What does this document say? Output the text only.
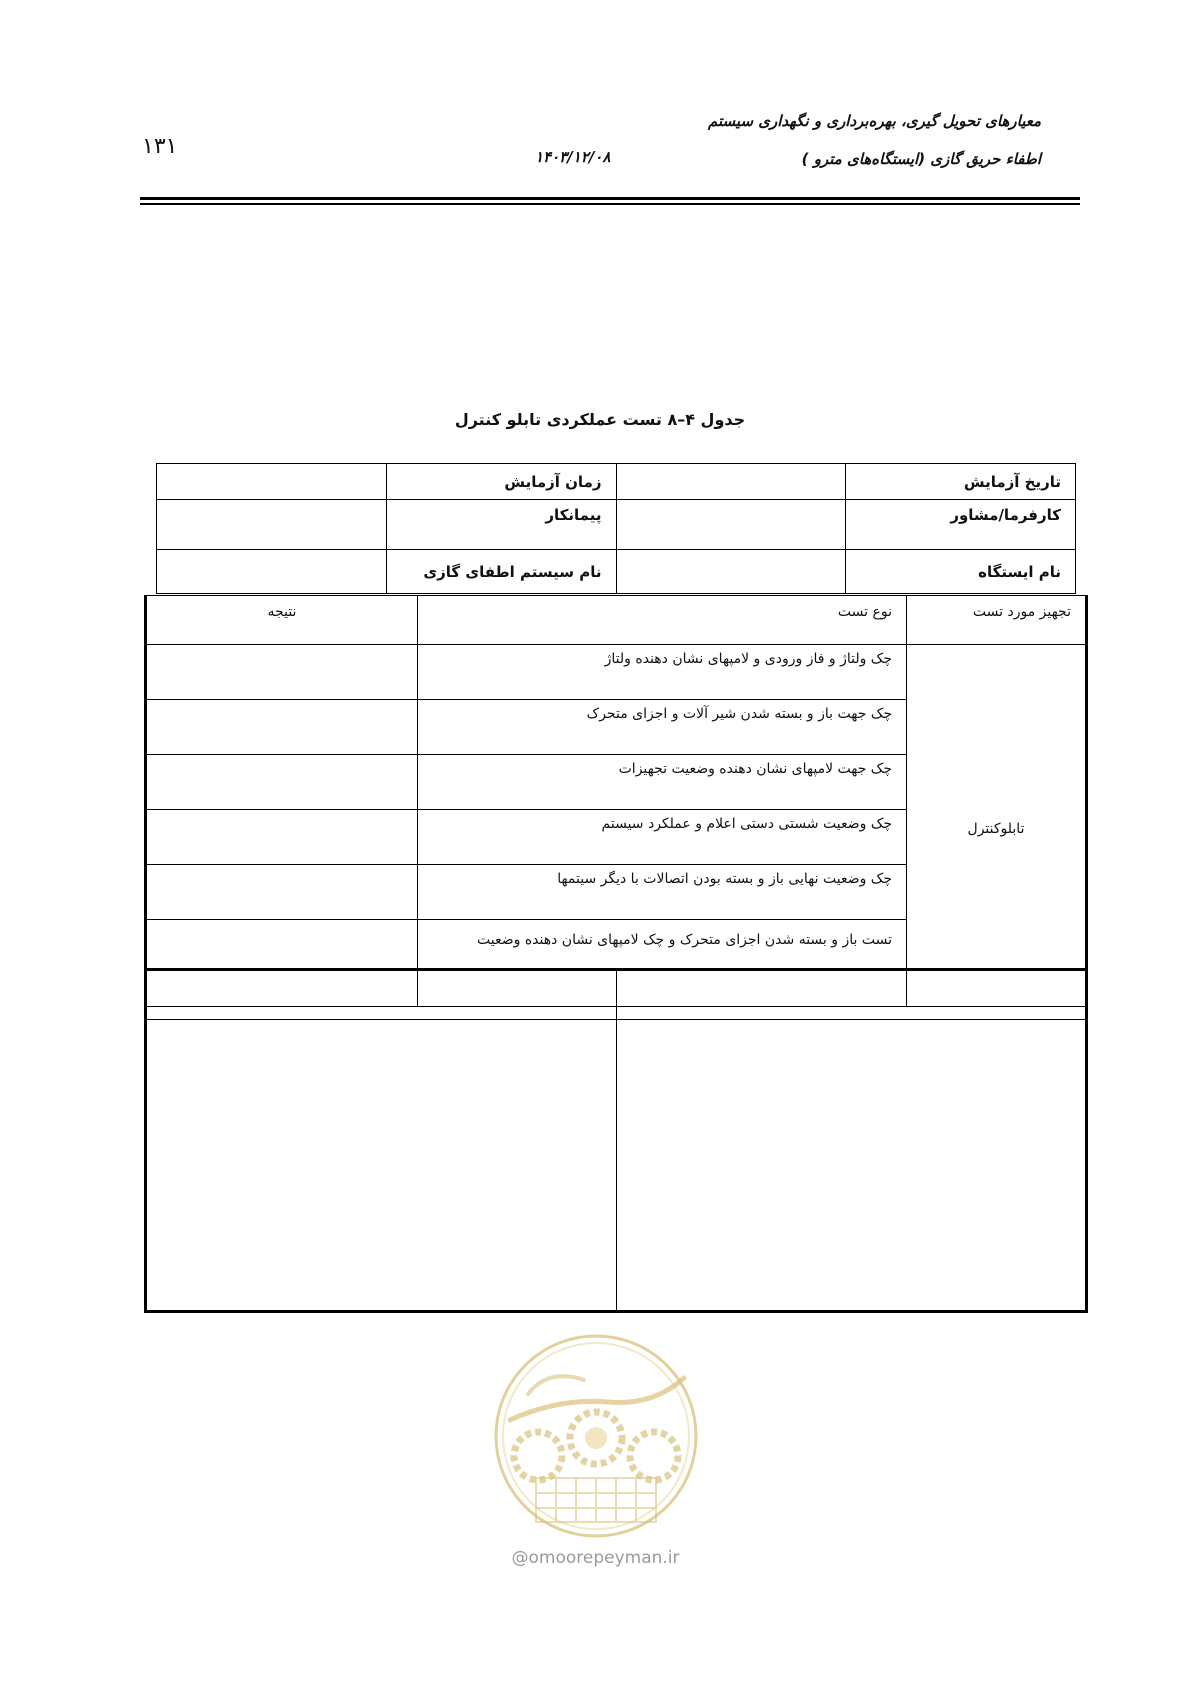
معیارهای تحویل گیری، بهره‌برداری و نگهداری سیستم
اطفاء حریق گازی (ایستگاه‌های مترو )
۱۴۰۳/۱۲/۰۸
۱۳۱
جدول ۴–۸ تست عملکردی تابلو کنترل
تاریخ آزمایش		زمان آزمایش	
کارفرما/مشاور		پیمانکار	
نام ایستگاه		نام سیستم اطفای گازی	
تجهیز مورد تست	نوع تست	نتیجه
تابلوکنترل	چک ولتاژ و فاز ورودی و لامپهای نشان دهنده ولتاژ	
	چک جهت باز و بسته شدن شیر آلات و اجزای متحرک	
	چک جهت لامپهای نشان دهنده وضعیت تجهیزات	
	چک وضعیت شستی دستی اعلام و عملکرد سیستم	
	چک وضعیت نهایی باز و بسته بودن اتصالات با دیگر سیتمها	
	تست باز و بسته شدن اجزای متحرک و چک لامپهای نشان دهنده وضعیت	

@omoorepeyman.ir
